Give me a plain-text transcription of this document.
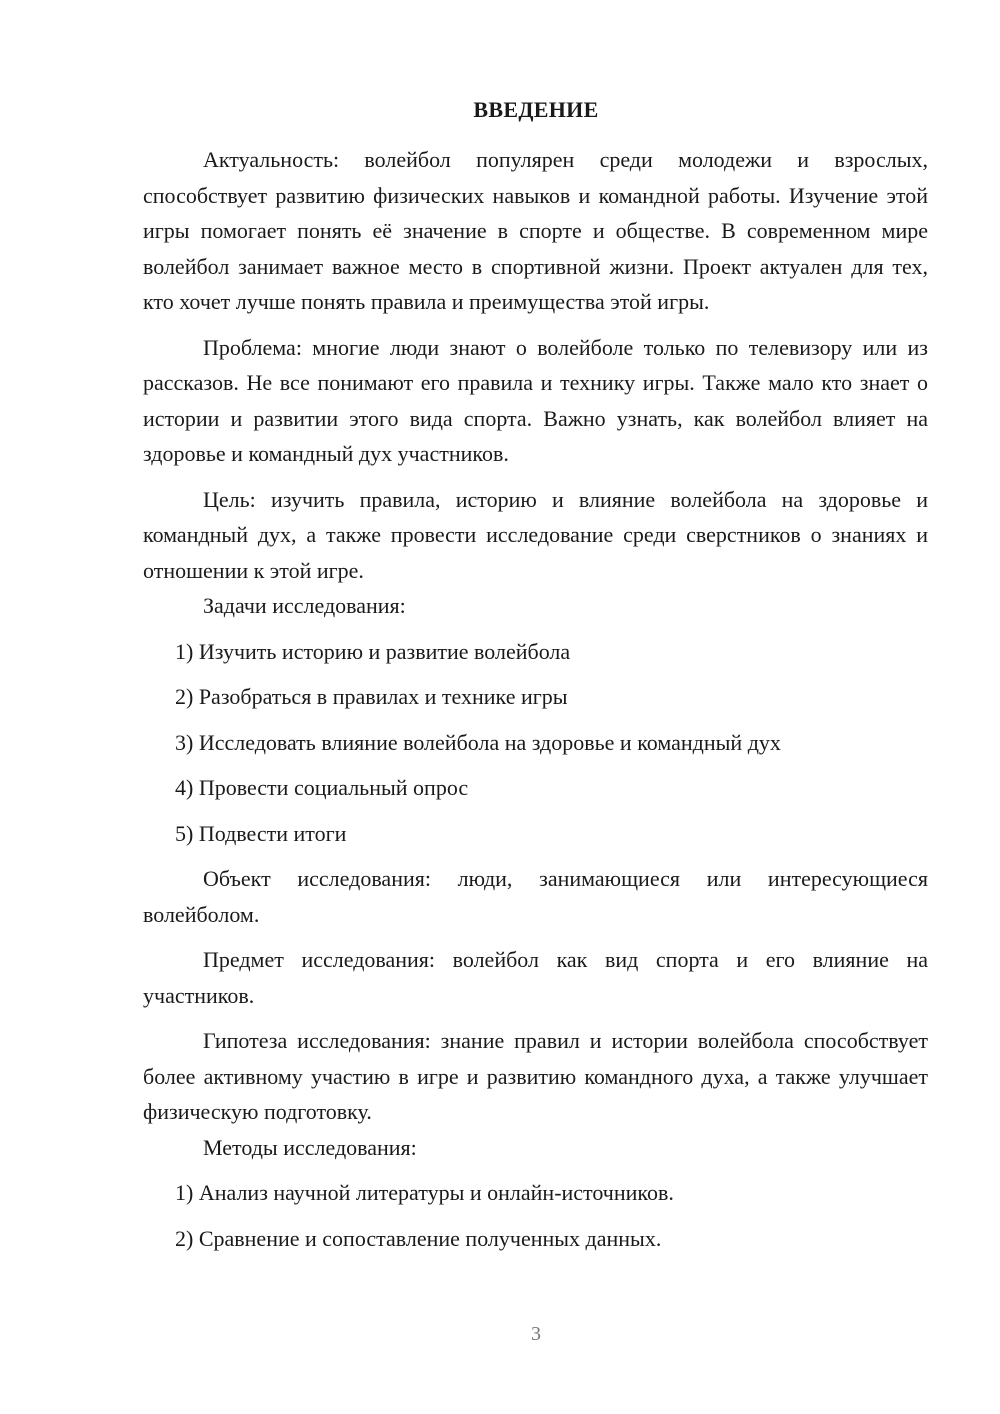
ВВЕДЕНИЕ

Актуальность: волейбол популярен среди молодежи и взрослых, способствует развитию физических навыков и командной работы. Изучение этой игры помогает понять её значение в спорте и обществе. В современном мире волейбол занимает важное место в спортивной жизни. Проект актуален для тех, кто хочет лучше понять правила и преимущества этой игры.

Проблема: многие люди знают о волейболе только по телевизору или из рассказов. Не все понимают его правила и технику игры. Также мало кто знает о истории и развитии этого вида спорта. Важно узнать, как волейбол влияет на здоровье и командный дух участников.

Цель: изучить правила, историю и влияние волейбола на здоровье и командный дух, а также провести исследование среди сверстников о знаниях и отношении к этой игре.

Задачи исследования:

1) Изучить историю и развитие волейбола
2) Разобраться в правилах и технике игры
3) Исследовать влияние волейбола на здоровье и командный дух
4) Провести социальный опрос
5) Подвести итоги

Объект исследования: люди, занимающиеся или интересующиеся волейболом.

Предмет исследования: волейбол как вид спорта и его влияние на участников.

Гипотеза исследования: знание правил и истории волейбола способствует более активному участию в игре и развитию командного духа, а также улучшает физическую подготовку.

Методы исследования:

1) Анализ научной литературы и онлайн-источников.
2) Сравнение и сопоставление полученных данных.
3
